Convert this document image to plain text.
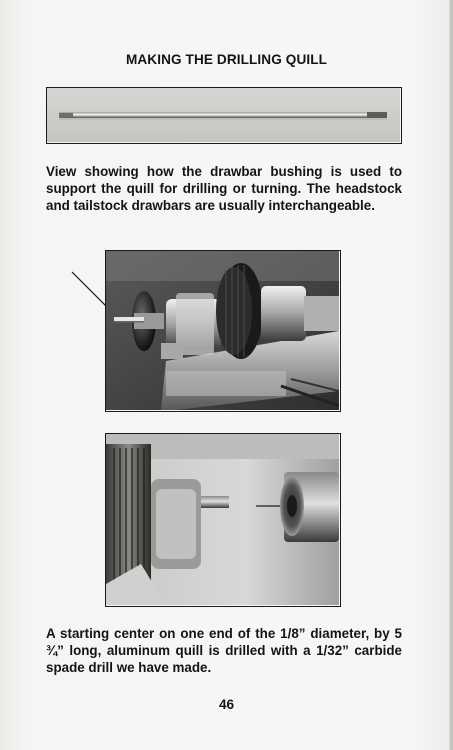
MAKING THE DRILLING QUILL
View showing how the drawbar bushing is used to support the quill for drilling or turning. The headstock and tailstock drawbars are usually interchangeable.
A starting center on one end of the 1/8” diameter, by 5 ¾” long, aluminum quill is drilled with a 1/32” carbide spade drill we have made.
46
